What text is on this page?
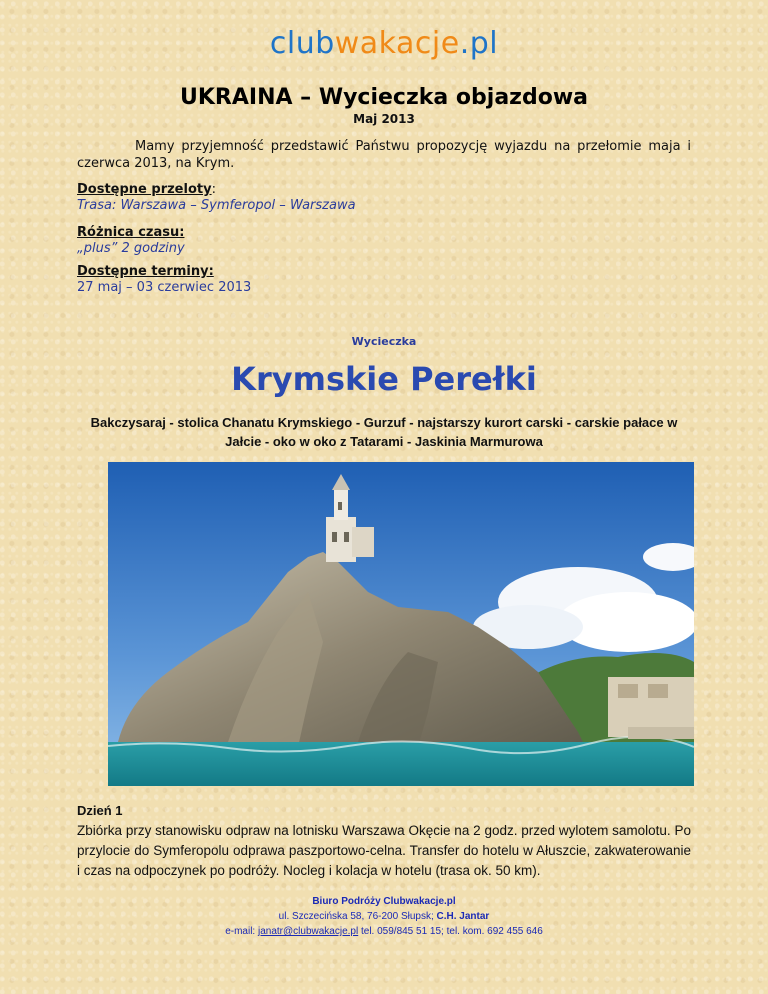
clubwakacje.pl
UKRAINA – Wycieczka objazdowa
Maj 2013
Mamy przyjemność przedstawić Państwu propozycję wyjazdu na przełomie maja i czerwca 2013, na Krym.
Dostępne przeloty:
Trasa: Warszawa – Symferopol – Warszawa
Różnica czasu:
„plus” 2 godziny
Dostępne terminy:
27 maj – 03 czerwiec 2013
Wycieczka
Krymskie Perełki
Bakczysaraj - stolica Chanatu Krymskiego - Gurzuf - najstarszy kurort carski - carskie pałace w Jałcie - oko w oko z Tatarami - Jaskinia Marmurowa
Dzień 1
Zbiórka przy stanowisku odpraw na lotnisku Warszawa Okęcie na 2 godz. przed wylotem samolotu. Po przylocie do Symferopolu odprawa paszportowo-celna. Transfer do hotelu w Ałuszcie, zakwaterowanie i czas na odpoczynek po podróży. Nocleg i kolacja w hotelu (trasa ok. 50 km).
Biuro Podróży Clubwakacje.pl
ul. Szczecińska 58, 76-200 Słupsk; C.H. Jantar
e-mail: janatr@clubwakacje.pl tel. 059/845 51 15; tel. kom. 692 455 646
